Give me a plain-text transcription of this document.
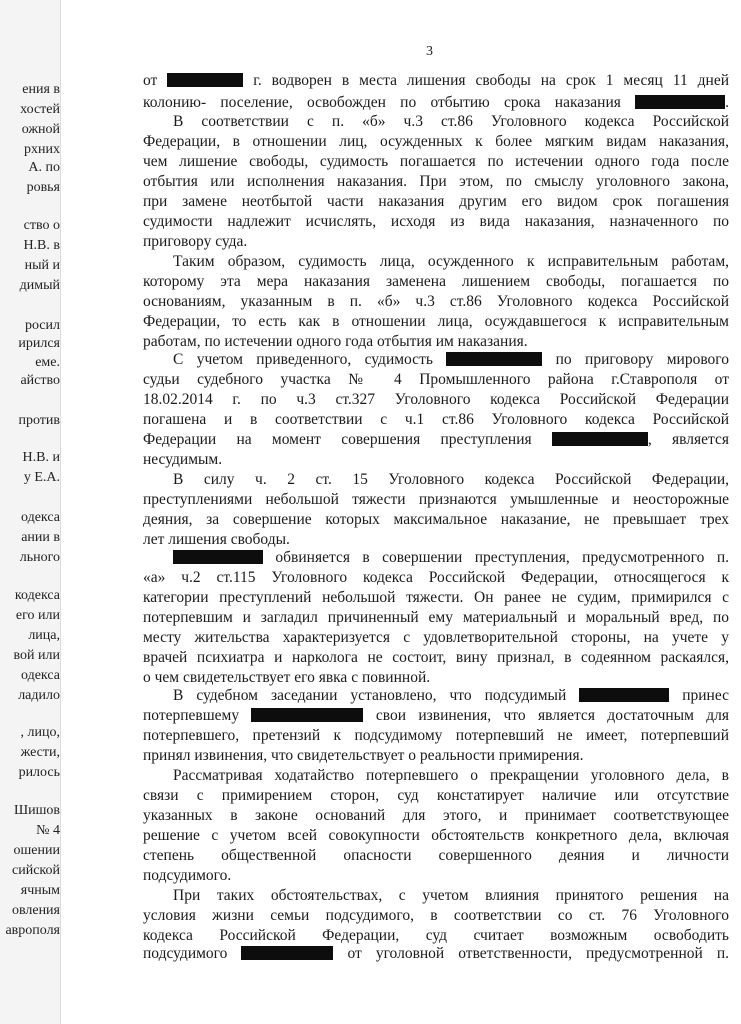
ения в
хостей
ожной
рхних
А. по
ровья
ство о
Н.В. в
ный и
димый
росил
ирился
еме.
айство
против
Н.В. и
у Е.А.
одекса
ании в
льного
кодекса
его или
лица,
вой или
одекса
ладило
, лицо,
жести,
рилось
Шишов
№ 4
ошении
сийской
ячным
овления
аврополя
3
от	г. водворен в места лишения свободы на срок 1 месяц 11 дней
колонию- поселение, освобожден по отбытию срока наказания	.
В соответствии с п. «б» ч.3 ст.86 Уголовного кодекса Российской
Федерации, в отношении лиц, осужденных к более мягким видам наказания,
чем лишение свободы, судимость погашается по истечении одного года после
отбытия или исполнения наказания. При этом, по смыслу уголовного закона,
при замене неотбытой части наказания другим его видом срок погашения
судимости надлежит исчислять, исходя из вида наказания, назначенного по
приговору суда.
Таким образом, судимость лица, осужденного к исправительным работам,
которому эта мера наказания заменена лишением свободы, погашается по
основаниям, указанным в п. «б» ч.3 ст.86 Уголовного кодекса Российской
Федерации, то есть как в отношении лица, осуждавшегося к исправительным
работам, по истечении одного года отбытия им наказания.
С учетом приведенного, судимость	по приговору мирового
судьи судебного участка № 4 Промышленного района г.Ставрополя от
18.02.2014 г. по ч.3 ст.327 Уголовного кодекса Российской Федерации
погашена и в соответствии с ч.1 ст.86 Уголовного кодекса Российской
Федерации на момент совершения преступления	, является
несудимым.
В силу ч. 2 ст. 15 Уголовного кодекса Российской Федерации,
преступлениями небольшой тяжести признаются умышленные и неосторожные
деяния, за совершение которых максимальное наказание, не превышает трех
лет лишения свободы.
обвиняется в совершении преступления, предусмотренного п.
«а» ч.2 ст.115 Уголовного кодекса Российской Федерации, относящегося к
категории преступлений небольшой тяжести. Он ранее не судим, примирился с
потерпевшим и загладил причиненный ему материальный и моральный вред, по
месту жительства характеризуется с удовлетворительной стороны, на учете у
врачей психиатра и нарколога не состоит, вину признал, в содеянном раскаялся,
о чем свидетельствует его явка с повинной.
В судебном заседании установлено, что подсудимый	принес
потерпевшему	свои извинения, что является достаточным для
потерпевшего, претензий к подсудимому потерпевший не имеет, потерпевший
принял извинения, что свидетельствует о реальности примирения.
Рассматривая ходатайство потерпевшего о прекращении уголовного дела, в
связи с примирением сторон, суд констатирует наличие или отсутствие
указанных в законе оснований для этого, и принимает соответствующее
решение с учетом всей совокупности обстоятельств конкретного дела, включая
степень общественной опасности совершенного деяния и личности
подсудимого.
При таких обстоятельствах, с учетом влияния принятого решения на
условия жизни семьи подсудимого, в соответствии со ст. 76 Уголовного
кодекса Российской Федерации, суд считает возможным освободить
подсудимого	от уголовной ответственности, предусмотренной п.
